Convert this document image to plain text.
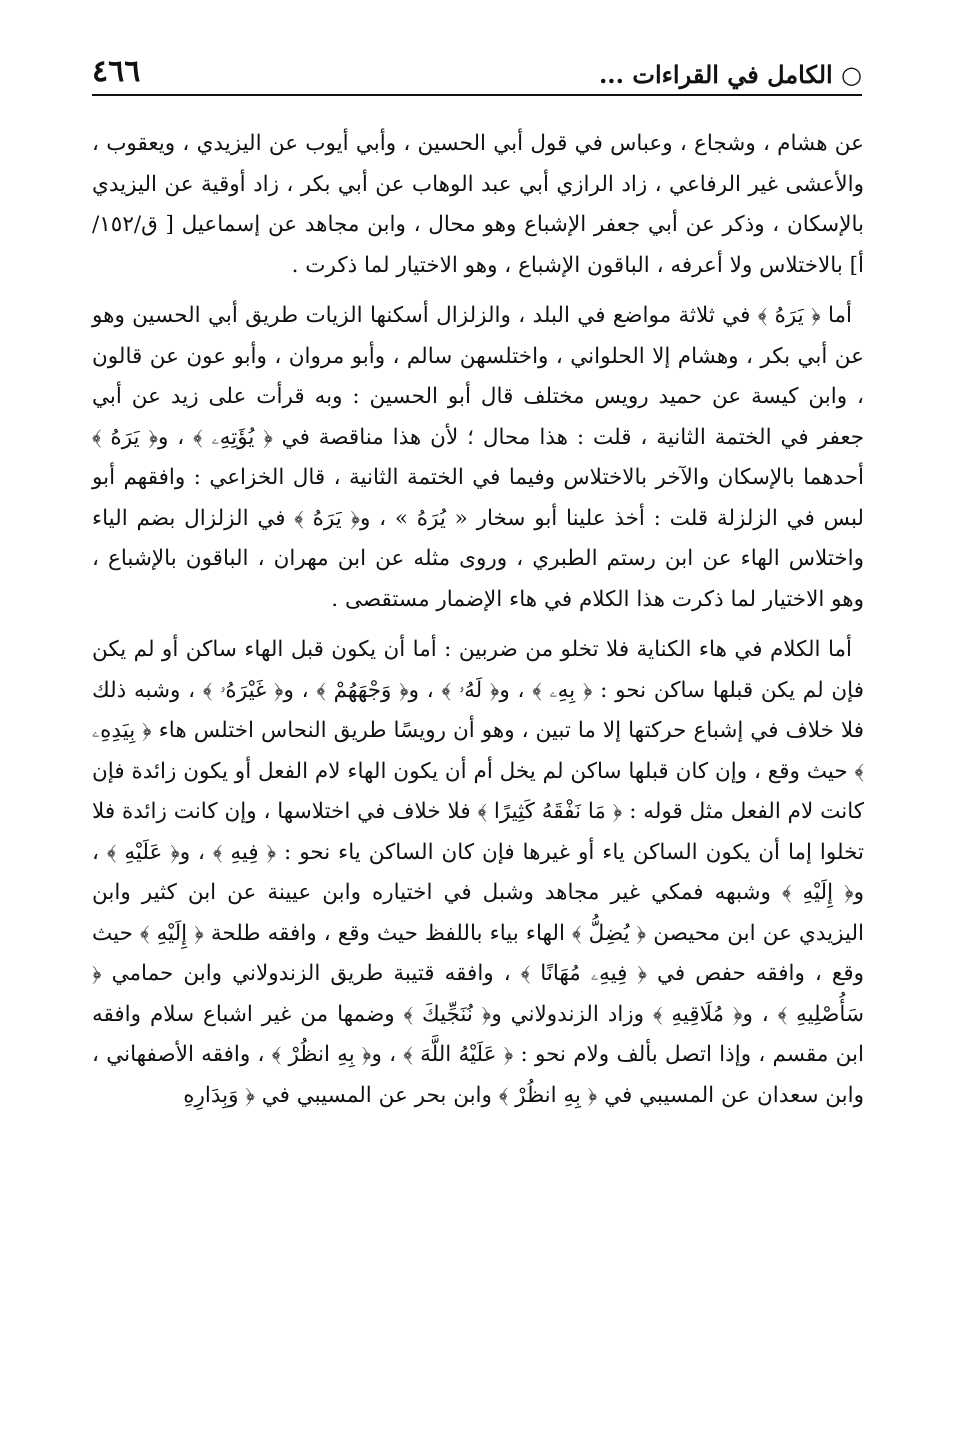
٤٦٦	○ الكامل في القراءات ...

عن هشام ، وشجاع ، وعباس في قول أبي الحسين ، وأبي أيوب عن اليزيدي ، ويعقوب ، والأعشى غير الرفاعي ، زاد الرازي أبي عبد الوهاب عن أبي بكر ، زاد أوقية عن اليزيدي بالإسكان ، وذكر عن أبي جعفر الإشباع وهو محال ، وابن مجاهد عن إسماعيل [ ق/١٥٢/أ] بالاختلاس ولا أعرفه ، الباقون الإشباع ، وهو الاختيار لما ذكرت .

أما ﴿ يَرَهُ ﴾ في ثلاثة مواضع في البلد ، والزلزال أسكنها الزيات طريق أبي الحسين وهو عن أبي بكر ، وهشام إلا الحلواني ، واختلسهن سالم ، وأبو مروان ، وأبو عون عن قالون ، وابن كيسة عن حميد رويس مختلف قال أبو الحسين : وبه قرأت على زيد عن أبي جعفر في الختمة الثانية ، قلت : هذا محال ؛ لأن هذا مناقصة في ﴿ يُؤَتِهِۦ ﴾ ، و﴿ يَرَهُ ﴾ أحدهما بالإسكان والآخر بالاختلاس وفيما في الختمة الثانية ، قال الخزاعي : وافقهم أبو لبس في الزلزلة قلت : أخذ علينا أبو سخار « يُرَهُ » ، و﴿ يَرَهُ ﴾ في الزلزال بضم الياء واختلاس الهاء عن ابن رستم الطبري ، وروى مثله عن ابن مهران ، الباقون بالإشباع ، وهو الاختيار لما ذكرت هذا الكلام في هاء الإضمار مستقصى .

أما الكلام في هاء الكناية فلا تخلو من ضربين : أما أن يكون قبل الهاء ساكن أو لم يكن فإن لم يكن قبلها ساكن نحو : ﴿ بِهِۦ ﴾ ، و﴿ لَهُۥ ﴾ ، و﴿ وَجْهَهُمْ ﴾ ، و﴿ غَيْرَهُۥ ﴾ ، وشبه ذلك فلا خلاف في إشباع حركتها إلا ما تبين ، وهو أن رويسًا طريق النحاس اختلس هاء ﴿ بِيَدِهِۦ ﴾ حيث وقع ، وإن كان قبلها ساكن لم يخل أم أن يكون الهاء لام الفعل أو يكون زائدة فإن كانت لام الفعل مثل قوله : ﴿ مَا نَفْقَهُ كَثِيرًا ﴾ فلا خلاف في اختلاسها ، وإن كانت زائدة فلا تخلوا إما أن يكون الساكن ياء أو غيرها فإن كان الساكن ياء نحو : ﴿ فِيهِ ﴾ ، و﴿ عَلَيْهِ ﴾ ، و﴿ إِلَيْهِ ﴾ وشبهه فمكي غير مجاهد وشبل في اختياره وابن عيينة عن ابن كثير وابن اليزيدي عن ابن محيصن ﴿ يُضِلُّ ﴾ الهاء بياء باللفظ حيث وقع ، وافقه طلحة ﴿ إِلَيْهِ ﴾ حيث وقع ، وافقه حفص في ﴿ فِيهِۦ مُهَانًا ﴾ ، وافقه قتيبة طريق الزندولاني وابن حمامي ﴿ سَأُصْلِيهِ ﴾ ، و﴿ مُلَاقِيهِ ﴾ وزاد الزندولاني و﴿ نُنَجِّيكَ ﴾ وضمها من غير اشباع سلام وافقه ابن مقسم ، وإذا اتصل بألف ولام نحو : ﴿ عَلَيْهُ اللَّهَ ﴾ ، و﴿ بِهِ انظُرْ ﴾ ، وافقه الأصفهاني ، وابن سعدان عن المسيبي في ﴿ بِهِ انظُرْ ﴾ وابن بحر عن المسيبي في ﴿ وَبِدَارِهِ
